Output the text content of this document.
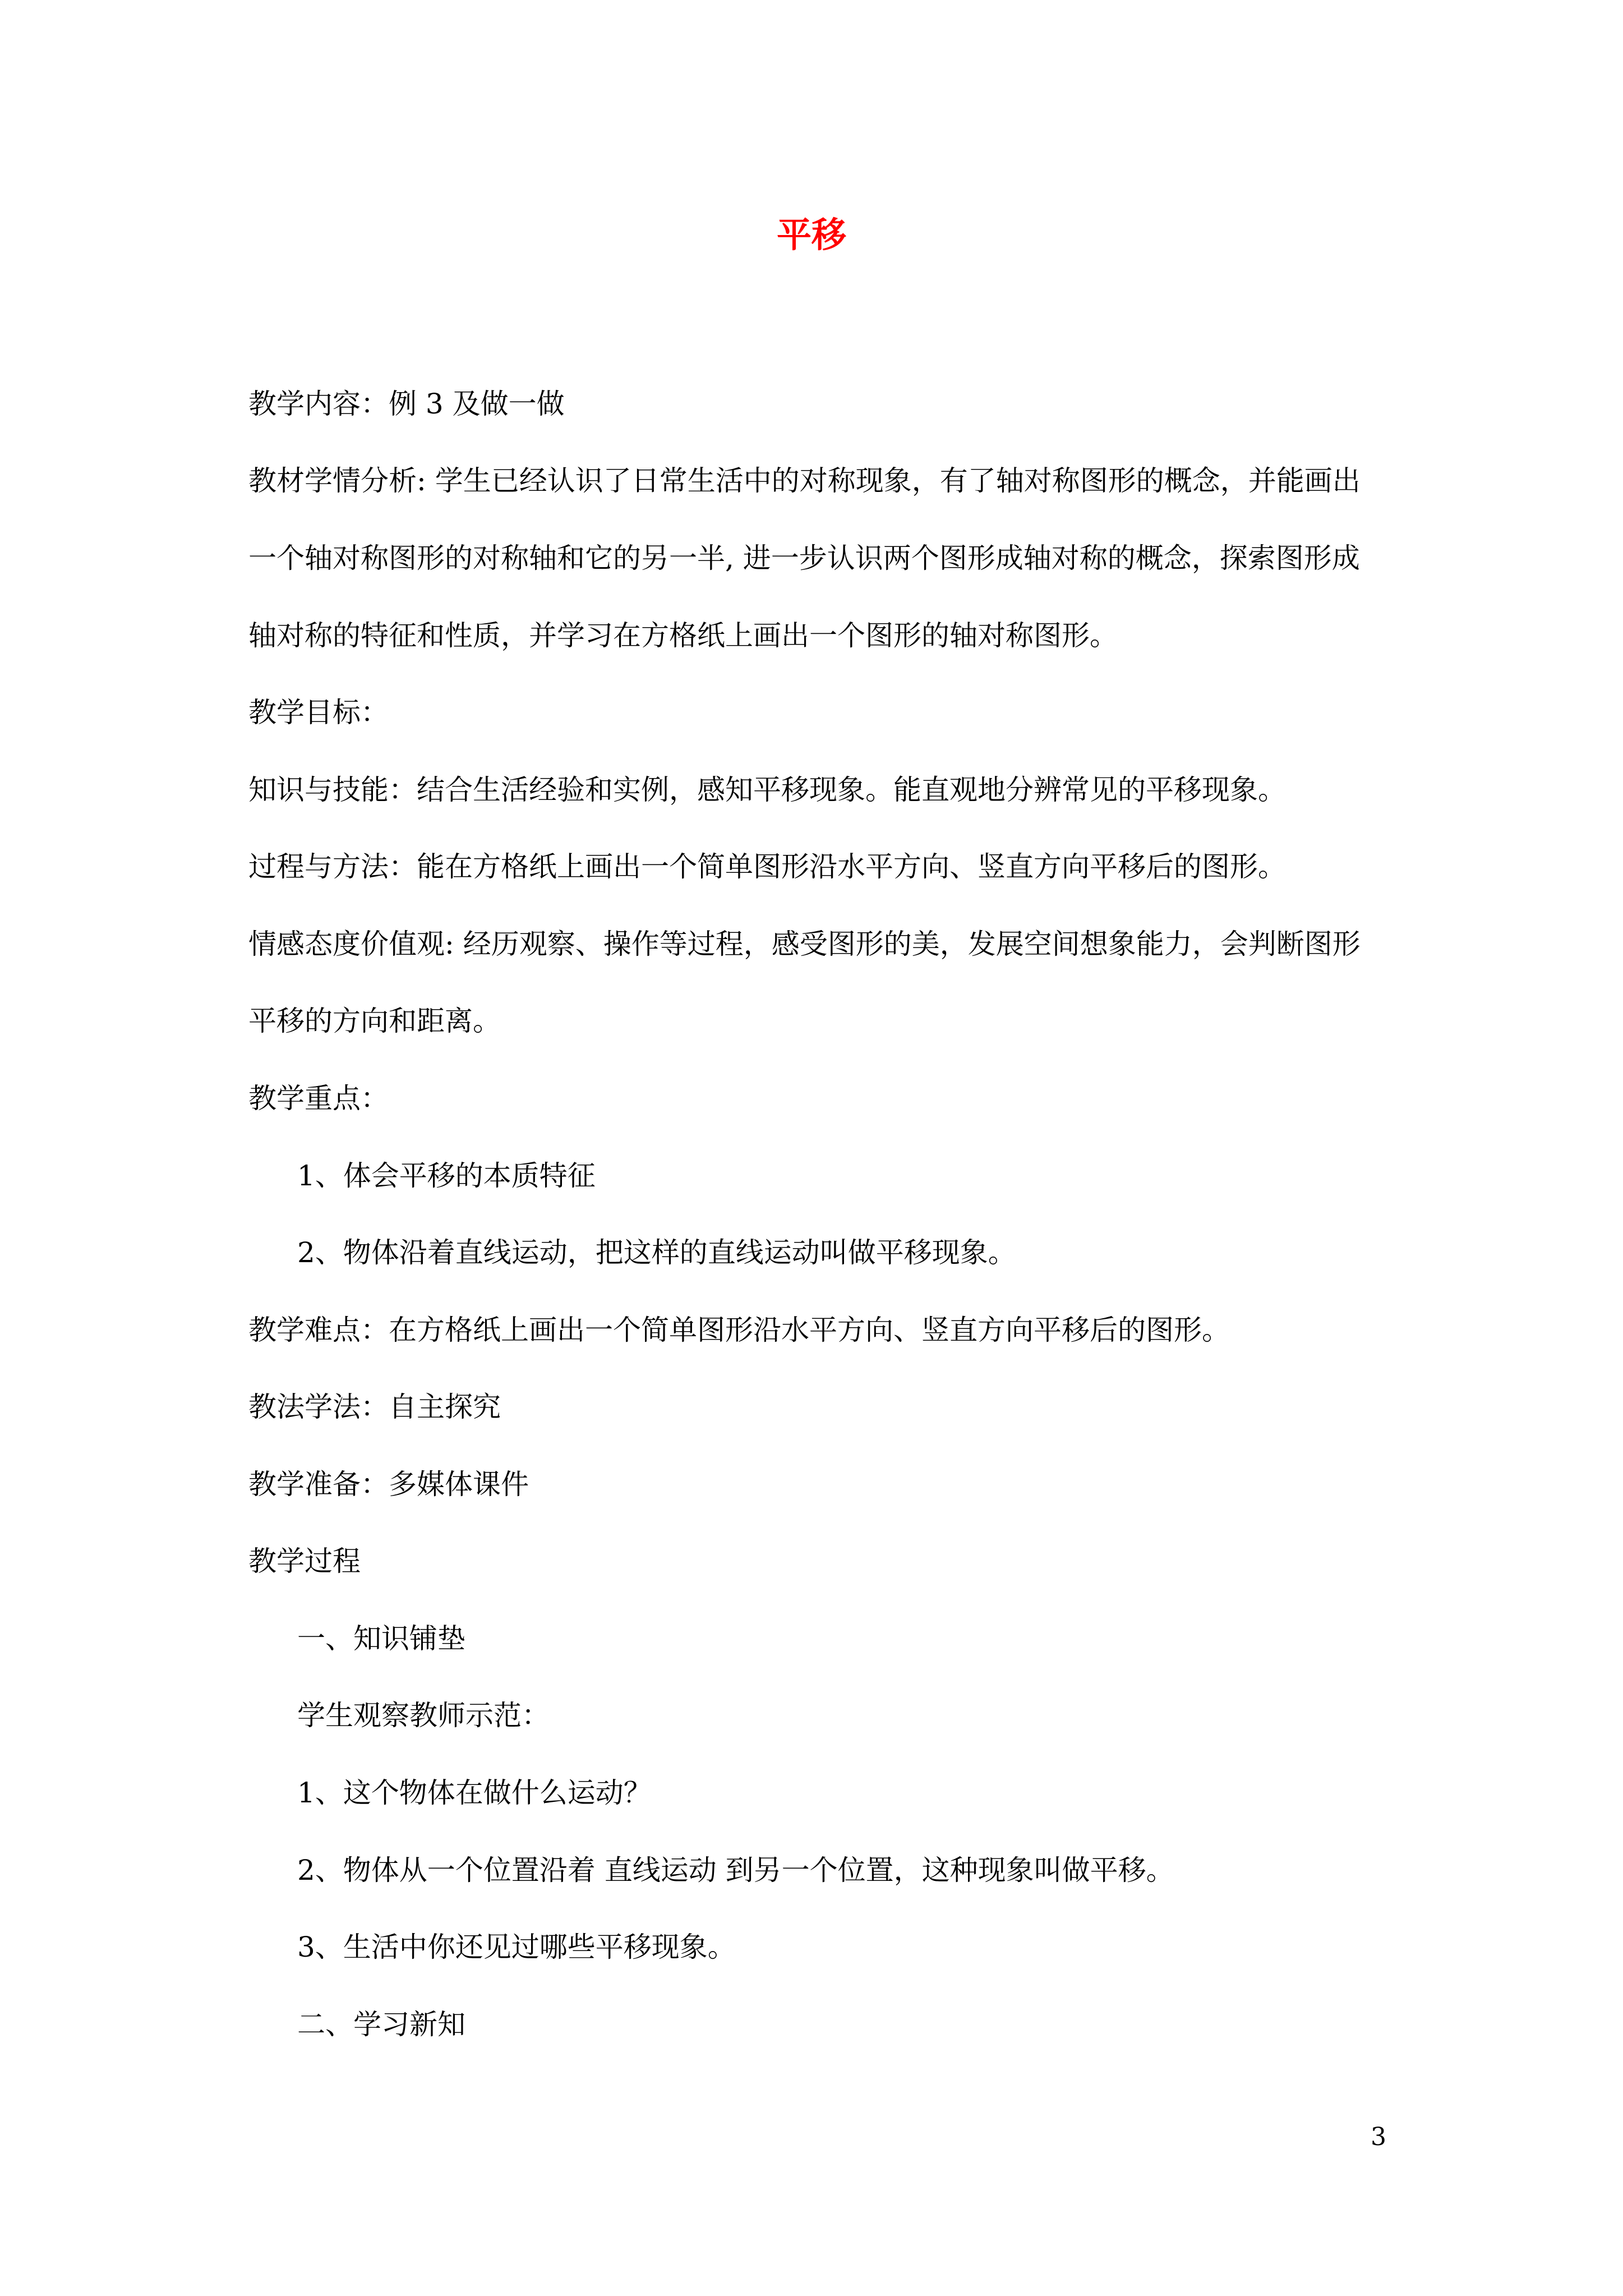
平移
教学内容：例 3 及做一做
教材学情分析: 学生已经认识了日常生活中的对称现象，有了轴对称图形的概念，并能画出
一个轴对称图形的对称轴和它的另一半, 进一步认识两个图形成轴对称的概念，探索图形成
轴对称的特征和性质，并学习在方格纸上画出一个图形的轴对称图形。
教学目标：
知识与技能：结合生活经验和实例，感知平移现象。能直观地分辨常见的平移现象。
过程与方法：能在方格纸上画出一个简单图形沿水平方向、竖直方向平移后的图形。
情感态度价值观: 经历观察、操作等过程，感受图形的美，发展空间想象能力，会判断图形
平移的方向和距离。
教学重点：
1、体会平移的本质特征
2、物体沿着直线运动，把这样的直线运动叫做平移现象。
教学难点：在方格纸上画出一个简单图形沿水平方向、竖直方向平移后的图形。
教法学法：自主探究
教学准备：多媒体课件
教学过程
一、知识铺垫
学生观察教师示范：
1、这个物体在做什么运动？
2、物体从一个位置沿着 直线运动 到另一个位置，这种现象叫做平移。
3、生活中你还见过哪些平移现象。
二、学习新知
3
